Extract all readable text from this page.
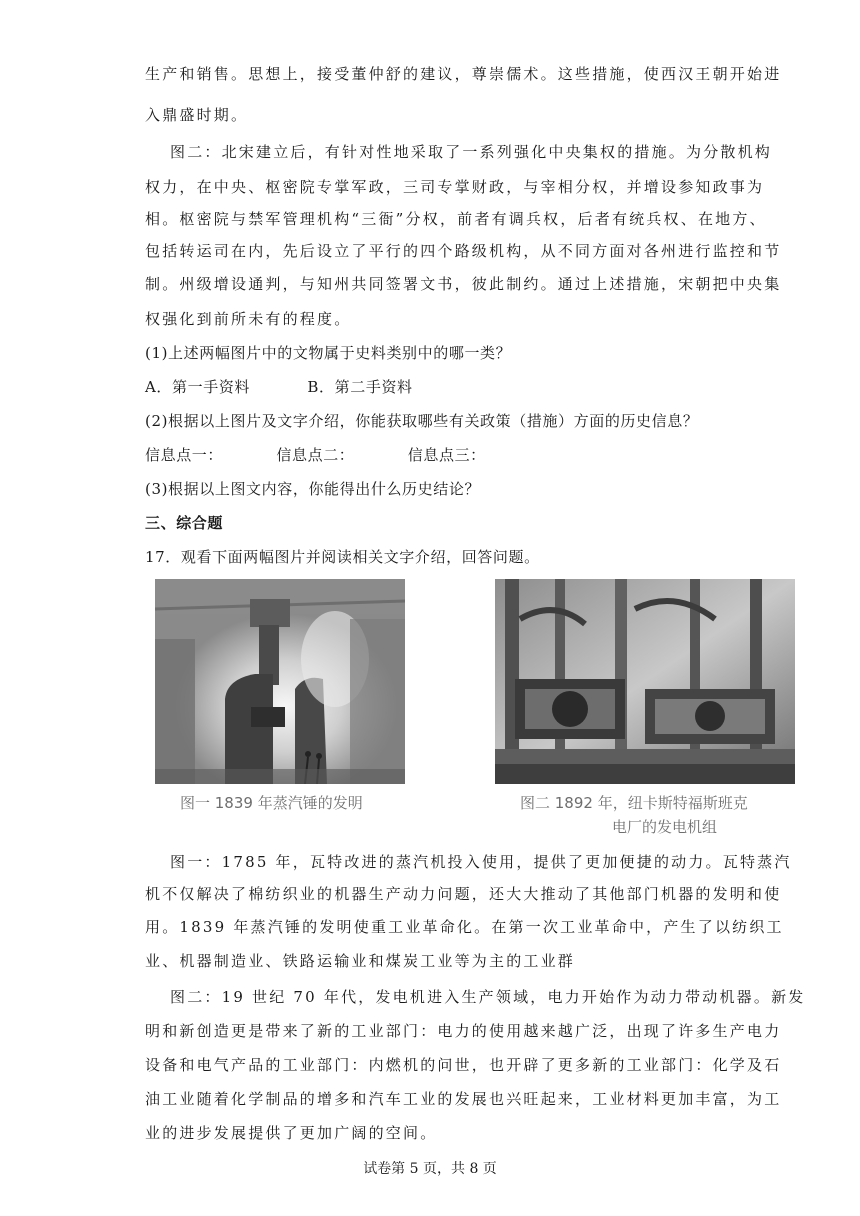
生产和销售。思想上，接受董仲舒的建议，尊崇儒术。这些措施，使西汉王朝开始进
入鼎盛时期。
图二：北宋建立后，有针对性地采取了一系列强化中央集权的措施。为分散机构
权力，在中央、枢密院专掌军政，三司专掌财政，与宰相分权，并增设参知政事为
相。枢密院与禁军管理机构“三衙”分权，前者有调兵权，后者有统兵权、在地方、
包括转运司在内，先后设立了平行的四个路级机构，从不同方面对各州进行监控和节
制。州级增设通判，与知州共同签署文书，彼此制约。通过上述措施，宋朝把中央集
权强化到前所未有的程度。
(1)上述两幅图片中的文物属于史料类别中的哪一类？
A．第一手资料	B．第二手资料
(2)根据以上图片及文字介绍，你能获取哪些有关政策（措施）方面的历史信息？
信息点一：	信息点二：	信息点三：
(3)根据以上图文内容，你能得出什么历史结论？
三、综合题
17．观看下面两幅图片并阅读相关文字介绍，回答问题。
图一 1839 年蒸汽锤的发明	图二 1892 年，纽卡斯特福斯班克
电厂的发电机组
图一：1785 年，瓦特改进的蒸汽机投入使用，提供了更加便捷的动力。瓦特蒸汽
机不仅解决了棉纺织业的机器生产动力问题，还大大推动了其他部门机器的发明和使
用。1839 年蒸汽锤的发明使重工业革命化。在第一次工业革命中，产生了以纺织工
业、机器制造业、铁路运输业和煤炭工业等为主的工业群
图二：19 世纪 70 年代，发电机进入生产领域，电力开始作为动力带动机器。新发
明和新创造更是带来了新的工业部门：电力的使用越来越广泛，出现了许多生产电力
设备和电气产品的工业部门：内燃机的问世，也开辟了更多新的工业部门：化学及石
油工业随着化学制品的增多和汽车工业的发展也兴旺起来，工业材料更加丰富，为工
业的进步发展提供了更加广阔的空间。
试卷第 5 页，共 8 页
